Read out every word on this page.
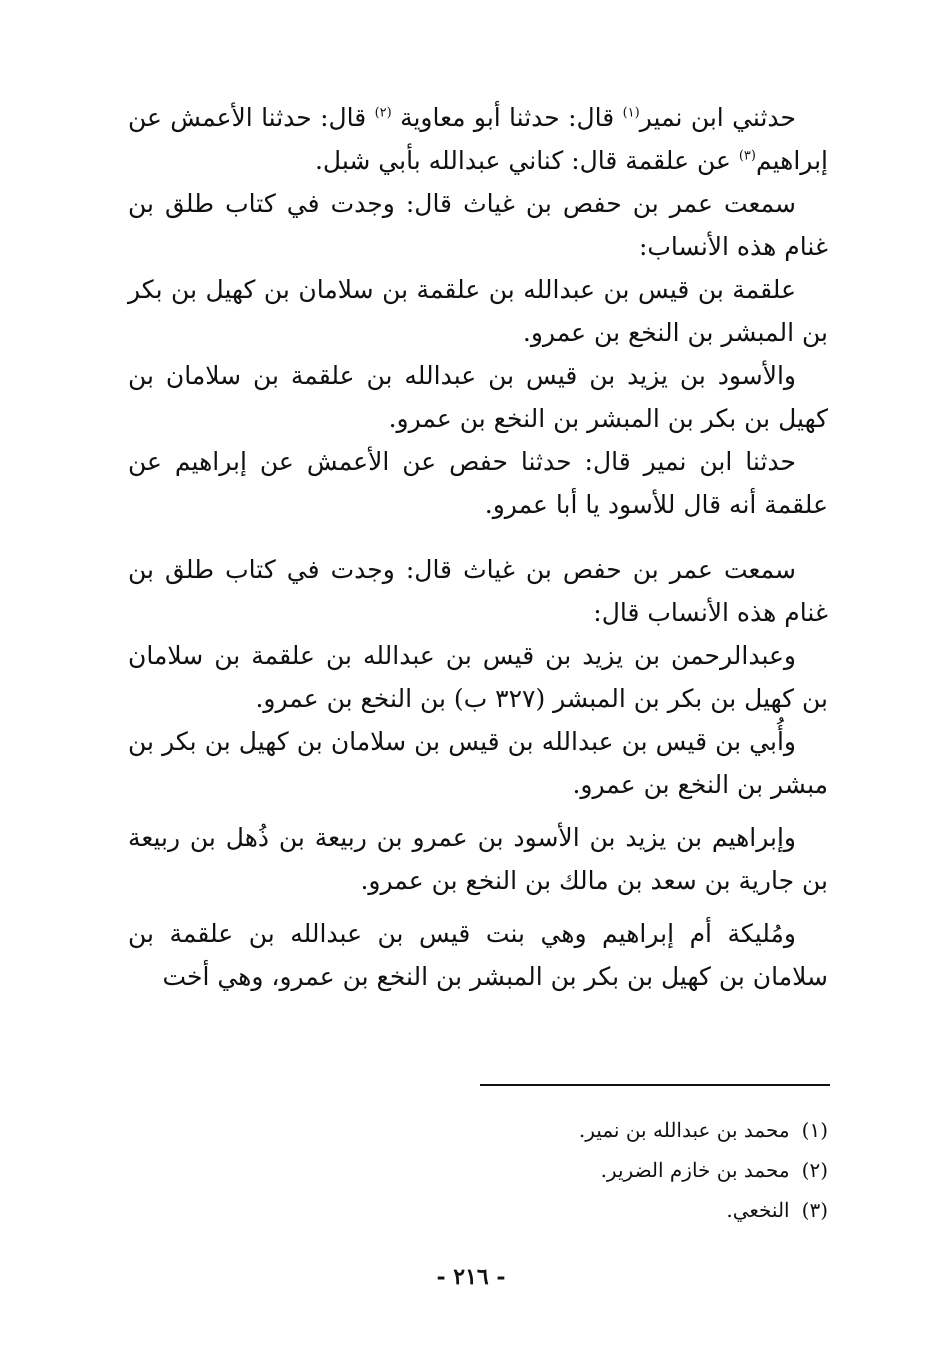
حدثني ابن نمير$^{(١)}$ قال: حدثنا أبو معاوية $^{(٢)}$ قال: حدثنا الأعمش عن إبراهيم$^{(٣)}$ عن علقمة قال: كناني عبدالله بأبي شبل.

سمعت عمر بن حفص بن غياث قال: وجدت في كتاب طلق بن غنام هذه الأنساب:

علقمة بن قيس بن عبدالله بن علقمة بن سلامان بن كهيل بن بكر بن المبشر بن النخع بن عمرو.

والأسود بن يزيد بن قيس بن عبدالله بن علقمة بن سلامان بن كهيل بن بكر بن المبشر بن النخع بن عمرو.

حدثنا ابن نمير قال: حدثنا حفص عن الأعمش عن إبراهيم عن علقمة أنه قال للأسود يا أبا عمرو.

سمعت عمر بن حفص بن غياث قال: وجدت في كتاب طلق بن غنام هذه الأنساب قال:

وعبدالرحمن بن يزيد بن قيس بن عبدالله بن علقمة بن سلامان بن كهيل بن بكر بن المبشر (٣٢٧ ب) بن النخع بن عمرو.

وأُبي بن قيس بن عبدالله بن قيس بن سلامان بن كهيل بن بكر بن مبشر بن النخع بن عمرو.

وإبراهيم بن يزيد بن الأسود بن عمرو بن ربيعة بن ذُهل بن ربيعة بن جارية بن سعد بن مالك بن النخع بن عمرو.

ومُليكة أم إبراهيم وهي بنت قيس بن عبدالله بن علقمة بن سلامان بن كهيل بن بكر بن المبشر بن النخع بن عمرو، وهي أخت

(١)محمد بن عبدالله بن نمير.

(٢)محمد بن خازم الضرير.

(٣)النخعي.

- ٢١٦ -
